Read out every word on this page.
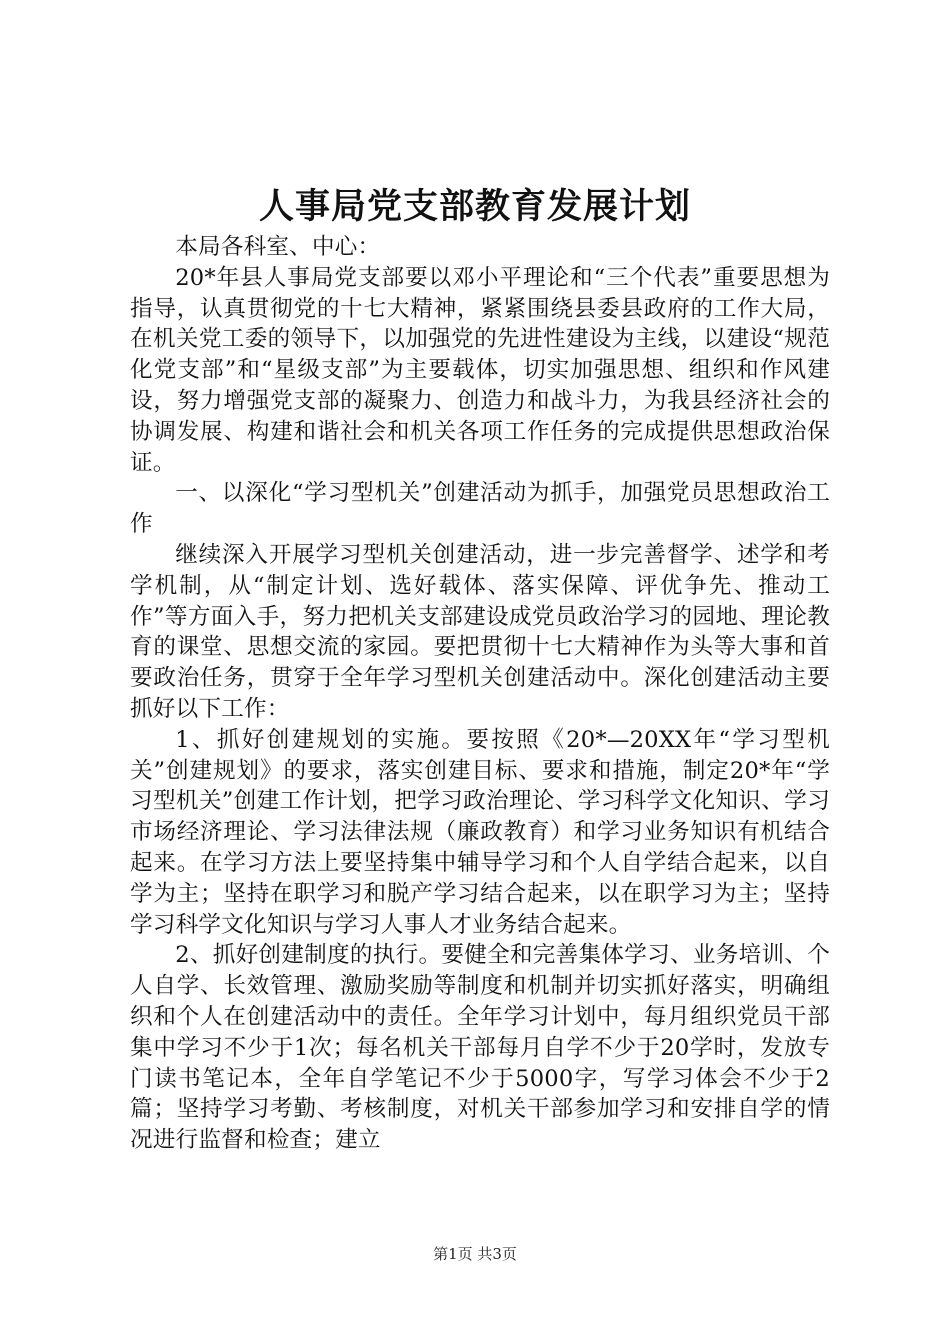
人事局党支部教育发展计划

本局各科室、中心：

20*年县人事局党支部要以邓小平理论和“三个代表”重要思想为指导，认真贯彻党的十七大精神，紧紧围绕县委县政府的工作大局，在机关党工委的领导下，以加强党的先进性建设为主线，以建设“规范化党支部”和“星级支部”为主要载体，切实加强思想、组织和作风建设，努力增强党支部的凝聚力、创造力和战斗力，为我县经济社会的协调发展、构建和谐社会和机关各项工作任务的完成提供思想政治保证。

一、以深化“学习型机关”创建活动为抓手，加强党员思想政治工作

继续深入开展学习型机关创建活动，进一步完善督学、述学和考学机制，从“制定计划、选好载体、落实保障、评优争先、推动工作”等方面入手，努力把机关支部建设成党员政治学习的园地、理论教育的课堂、思想交流的家园。要把贯彻十七大精神作为头等大事和首要政治任务，贯穿于全年学习型机关创建活动中。深化创建活动主要抓好以下工作：

1、抓好创建规划的实施。要按照《20*—20XX年“学习型机关”创建规划》的要求，落实创建目标、要求和措施，制定20*年“学习型机关”创建工作计划，把学习政治理论、学习科学文化知识、学习市场经济理论、学习法律法规（廉政教育）和学习业务知识有机结合起来。在学习方法上要坚持集中辅导学习和个人自学结合起来，以自学为主；坚持在职学习和脱产学习结合起来，以在职学习为主；坚持学习科学文化知识与学习人事人才业务结合起来。

2、抓好创建制度的执行。要健全和完善集体学习、业务培训、个人自学、长效管理、激励奖励等制度和机制并切实抓好落实，明确组织和个人在创建活动中的责任。全年学习计划中，每月组织党员干部集中学习不少于1次；每名机关干部每月自学不少于20学时，发放专门读书笔记本，全年自学笔记不少于5000字，写学习体会不少于2篇；坚持学习考勤、考核制度，对机关干部参加学习和安排自学的情况进行监督和检查；建立

第1页 共3页
